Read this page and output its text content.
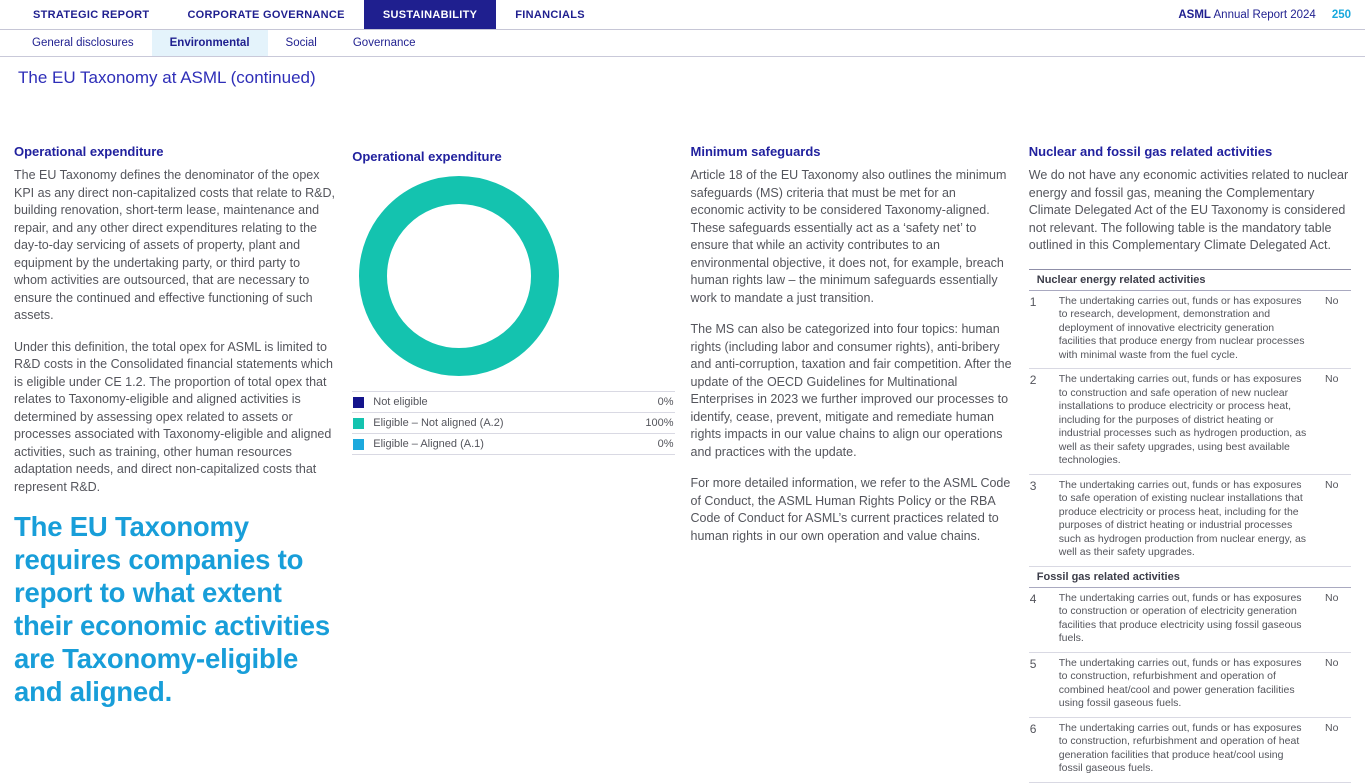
STRATEGIC REPORT	CORPORATE GOVERNANCE	SUSTAINABILITY	FINANCIALS	ASML Annual Report 2024 250
General disclosures	Environmental	Social	Governance
The EU Taxonomy at ASML (continued)
Operational expenditure

The EU Taxonomy defines the denominator of the opex KPI as any direct non-capitalized costs that relate to R&D, building renovation, short-term lease, maintenance and repair, and any other direct expenditures relating to the day-to-day servicing of assets of property, plant and equipment by the undertaking party, or third party to whom activities are outsourced, that are necessary to ensure the continued and effective functioning of such assets.

Under this definition, the total opex for ASML is limited to R&D costs in the Consolidated financial statements which is eligible under CE 1.2. The proportion of total opex that relates to Taxonomy-eligible and aligned activities is determined by assessing opex related to assets or processes associated with Taxonomy-eligible and aligned activities, such as training, other human resources adaptation needs, and direct non-capitalized costs that represent R&D.

The EU Taxonomy requires companies to report to what extent their economic activities are Taxonomy-eligible and aligned.
Operational expenditure
Not eligible	0%
Eligible – Not aligned (A.2)	100%
Eligible – Aligned (A.1)	0%
Minimum safeguards

Article 18 of the EU Taxonomy also outlines the minimum safeguards (MS) criteria that must be met for an economic activity to be considered Taxonomy-aligned. These safeguards essentially act as a ‘safety net’ to ensure that while an activity contributes to an environmental objective, it does not, for example, breach human rights law – the minimum safeguards essentially work to mandate a just transition.

The MS can also be categorized into four topics: human rights (including labor and consumer rights), anti-bribery and anti-corruption, taxation and fair competition. After the update of the OECD Guidelines for Multinational Enterprises in 2023 we further improved our processes to identify, cease, prevent, mitigate and remediate human rights impacts in our value chains to align our operations and practices with the update.

For more detailed information, we refer to the ASML Code of Conduct, the ASML Human Rights Policy or the RBA Code of Conduct for ASML’s current practices related to human rights in our own operation and value chains.

Nuclear and fossil gas related activities

We do not have any economic activities related to nuclear energy and fossil gas, meaning the Complementary Climate Delegated Act of the EU Taxonomy is considered not relevant. The following table is the mandatory table outlined in this Complementary Climate Delegated Act.

Nuclear energy related activities
1	The undertaking carries out, funds or has exposures to research, development, demonstration and deployment of innovative electricity generation facilities that produce energy from nuclear processes with minimal waste from the fuel cycle.
No
2	The undertaking carries out, funds or has exposures to construction and safe operation of new nuclear installations to produce electricity or process heat, including for the purposes of district heating or industrial processes such as hydrogen production, as well as their safety upgrades, using best available technologies.
No
3	The undertaking carries out, funds or has exposures to safe operation of existing nuclear installations that produce electricity or process heat, including for the purposes of district heating or industrial processes such as hydrogen production from nuclear energy, as well as their safety upgrades.
No
Fossil gas related activities
4	The undertaking carries out, funds or has exposures to construction or operation of electricity generation facilities that produce electricity using fossil gaseous fuels.
No
5	The undertaking carries out, funds or has exposures to construction, refurbishment and operation of combined heat/cool and power generation facilities using fossil gaseous fuels.
No
6	The undertaking carries out, funds or has exposures to construction, refurbishment and operation of heat generation facilities that produce heat/cool using fossil gaseous fuels.
No
